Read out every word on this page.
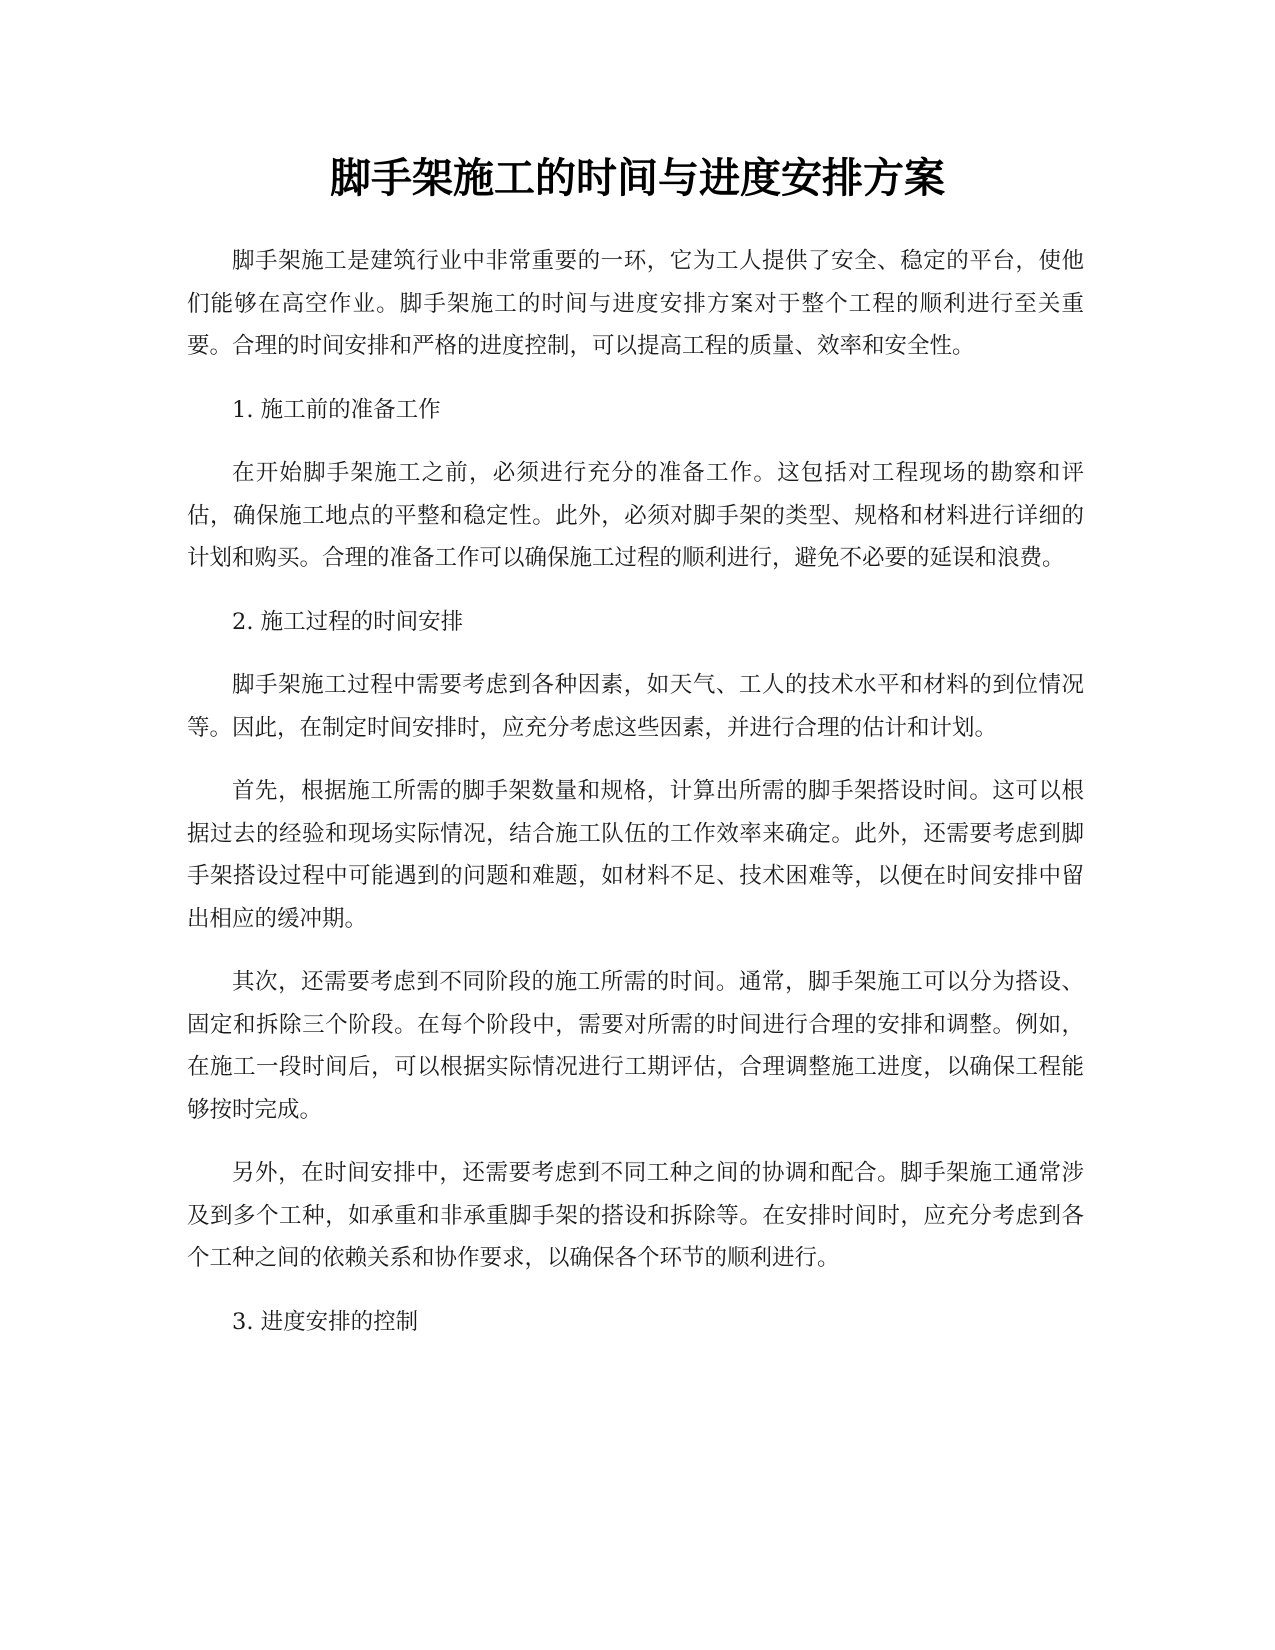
脚手架施工的时间与进度安排方案

脚手架施工是建筑行业中非常重要的一环，它为工人提供了安全、稳定的平台，使他们能够在高空作业。脚手架施工的时间与进度安排方案对于整个工程的顺利进行至关重要。合理的时间安排和严格的进度控制，可以提高工程的质量、效率和安全性。

1. 施工前的准备工作

在开始脚手架施工之前，必须进行充分的准备工作。这包括对工程现场的勘察和评估，确保施工地点的平整和稳定性。此外，必须对脚手架的类型、规格和材料进行详细的计划和购买。合理的准备工作可以确保施工过程的顺利进行，避免不必要的延误和浪费。

2. 施工过程的时间安排

脚手架施工过程中需要考虑到各种因素，如天气、工人的技术水平和材料的到位情况等。因此，在制定时间安排时，应充分考虑这些因素，并进行合理的估计和计划。

首先，根据施工所需的脚手架数量和规格，计算出所需的脚手架搭设时间。这可以根据过去的经验和现场实际情况，结合施工队伍的工作效率来确定。此外，还需要考虑到脚手架搭设过程中可能遇到的问题和难题，如材料不足、技术困难等，以便在时间安排中留出相应的缓冲期。

其次，还需要考虑到不同阶段的施工所需的时间。通常，脚手架施工可以分为搭设、固定和拆除三个阶段。在每个阶段中，需要对所需的时间进行合理的安排和调整。例如，在施工一段时间后，可以根据实际情况进行工期评估，合理调整施工进度，以确保工程能够按时完成。

另外，在时间安排中，还需要考虑到不同工种之间的协调和配合。脚手架施工通常涉及到多个工种，如承重和非承重脚手架的搭设和拆除等。在安排时间时，应充分考虑到各个工种之间的依赖关系和协作要求，以确保各个环节的顺利进行。

3. 进度安排的控制
